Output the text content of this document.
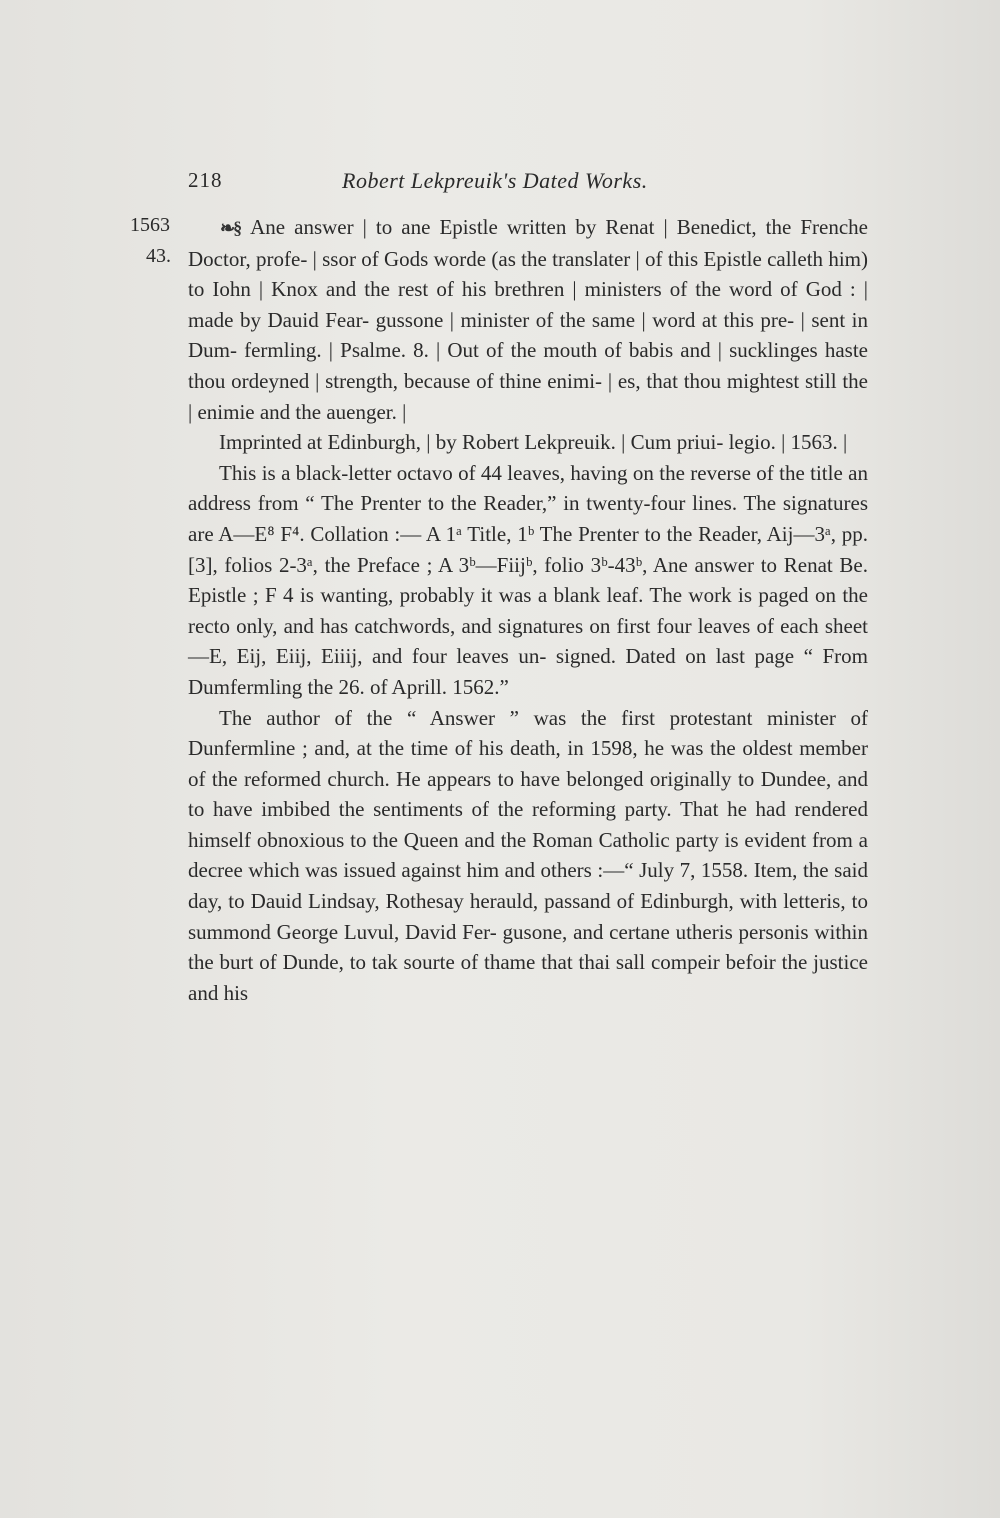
218	Robert Lekpreuik's Dated Works.
1563
43.

❧§ Ane answer | to ane Epistle written by Renat | Benedict, the Frenche Doctor, profe- | ssor of Gods worde (as the translater | of this Epistle calleth him) to Iohn | Knox and the rest of his brethren | ministers of the word of God : | made by Dauid Fear- gussone | minister of the same | word at this pre- | sent in Dum- fermling. | Psalme. 8. | Out of the mouth of babis and | sucklinges haste thou ordeyned | strength, because of thine enimi- | es, that thou mightest still the | enimie and the auenger. |

Imprinted at Edinburgh, | by Robert Lekpreuik. | Cum priui- legio. | 1563. |

This is a black-letter octavo of 44 leaves, having on the reverse of the title an address from “ The Prenter to the Reader,” in twenty-four lines. The signatures are A—E⁸ F⁴. Collation :— A 1ᵃ Title, 1ᵇ The Prenter to the Reader, Aij—3ᵃ, pp. [3], folios 2-3ᵃ, the Preface ; A 3ᵇ—Fiijᵇ, folio 3ᵇ-43ᵇ, Ane answer to Renat Be. Epistle ; F 4 is wanting, probably it was a blank leaf. The work is paged on the recto only, and has catchwords, and signatures on first four leaves of each sheet—E, Eij, Eiij, Eiiij, and four leaves un- signed. Dated on last page “ From Dumfermling the 26. of Aprill. 1562.”

The author of the “ Answer ” was the first protestant minister of Dunfermline ; and, at the time of his death, in 1598, he was the oldest member of the reformed church. He appears to have belonged originally to Dundee, and to have imbibed the sentiments of the reforming party. That he had rendered himself obnoxious to the Queen and the Roman Catholic party is evident from a decree which was issued against him and others :—“ July 7, 1558. Item, the said day, to Dauid Lindsay, Rothesay herauld, passand of Edinburgh, with letteris, to summond George Luvul, David Fer- gusone, and certane utheris personis within the burt of Dunde, to tak sourte of thame that thai sall compeir befoir the justice and his
